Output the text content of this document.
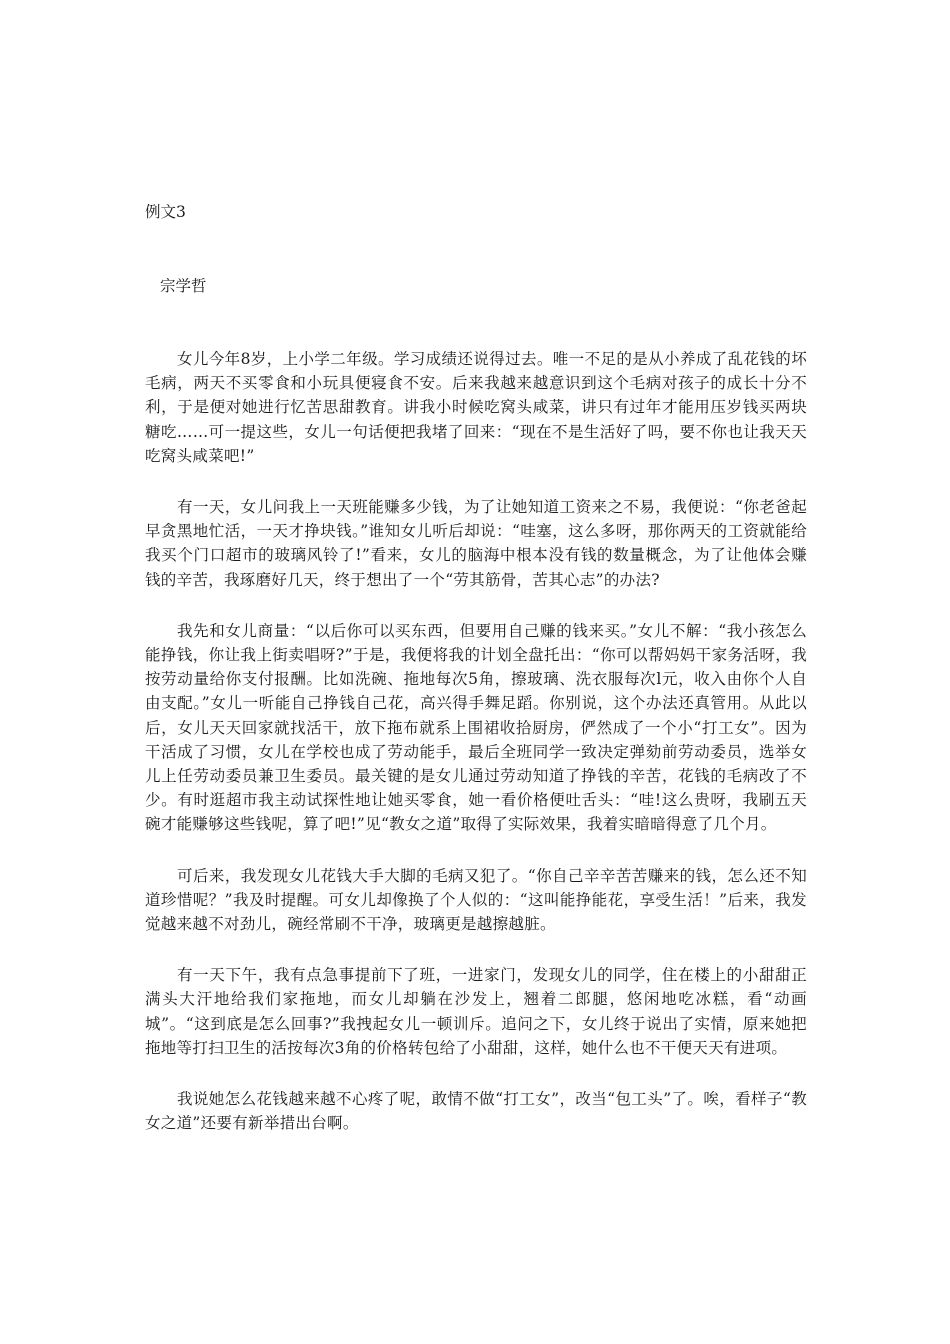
例文3
宗学哲

女儿今年8岁，上小学二年级。学习成绩还说得过去。唯一不足的是从小养成了乱花钱的坏毛病，两天不买零食和小玩具便寝食不安。后来我越来越意识到这个毛病对孩子的成长十分不利，于是便对她进行忆苦思甜教育。讲我小时候吃窝头咸菜，讲只有过年才能用压岁钱买两块糖吃……可一提这些，女儿一句话便把我堵了回来：“现在不是生活好了吗，要不你也让我天天吃窝头咸菜吧!”

有一天，女儿问我上一天班能赚多少钱，为了让她知道工资来之不易，我便说：“你老爸起早贪黑地忙活，一天才挣块钱。”谁知女儿听后却说：“哇塞，这么多呀，那你两天的工资就能给我买个门口超市的玻璃风铃了!”看来，女儿的脑海中根本没有钱的数量概念，为了让他体会赚钱的辛苦，我琢磨好几天，终于想出了一个“劳其筋骨，苦其心志”的办法?

我先和女儿商量：“以后你可以买东西，但要用自己赚的钱来买。”女儿不解：“我小孩怎么能挣钱，你让我上街卖唱呀?”于是，我便将我的计划全盘托出：“你可以帮妈妈干家务活呀，我按劳动量给你支付报酬。比如洗碗、拖地每次5角，擦玻璃、洗衣服每次l元，收入由你个人自由支配。”女儿一听能自己挣钱自己花，高兴得手舞足蹈。你别说，这个办法还真管用。从此以后，女儿天天回家就找活干，放下拖布就系上围裙收拾厨房，俨然成了一个小“打工女”。因为干活成了习惯，女儿在学校也成了劳动能手，最后全班同学一致决定弹劾前劳动委员，选举女儿上任劳动委员兼卫生委员。最关键的是女儿通过劳动知道了挣钱的辛苦，花钱的毛病改了不少。有时逛超市我主动试探性地让她买零食，她一看价格便吐舌头：“哇!这么贵呀，我刷五天碗才能赚够这些钱呢，算了吧!”见“教女之道”取得了实际效果，我着实暗暗得意了几个月。

可后来，我发现女儿花钱大手大脚的毛病又犯了。“你自己辛辛苦苦赚来的钱，怎么还不知道珍惜呢？”我及时提醒。可女儿却像换了个人似的：“这叫能挣能花，享受生活！”后来，我发觉越来越不对劲儿，碗经常刷不干净，玻璃更是越擦越脏。

有一天下午，我有点急事提前下了班，一进家门，发现女儿的同学，住在楼上的小甜甜正满头大汗地给我们家拖地，而女儿却躺在沙发上，翘着二郎腿，悠闲地吃冰糕，看“动画城”。“这到底是怎么回事?”我拽起女儿一顿训斥。追问之下，女儿终于说出了实情，原来她把拖地等打扫卫生的活按每次3角的价格转包给了小甜甜，这样，她什么也不干便天天有进项。

我说她怎么花钱越来越不心疼了呢，敢情不做“打工女”，改当“包工头”了。唉，看样子“教女之道”还要有新举措出台啊。
